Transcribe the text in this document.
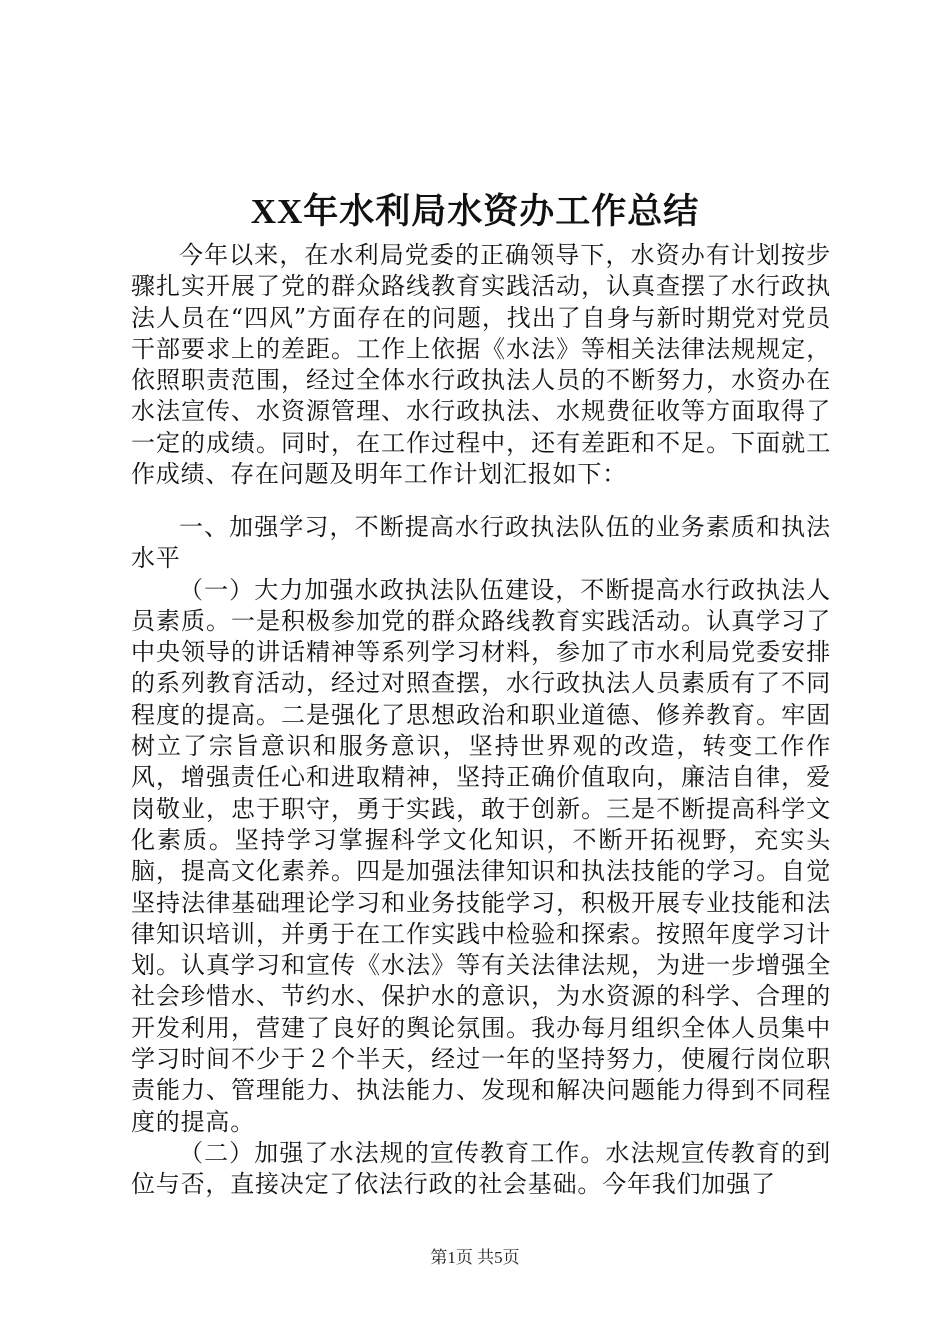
XX年水利局水资办工作总结

今年以来，在水利局党委的正确领导下，水资办有计划按步骤扎实开展了党的群众路线教育实践活动，认真查摆了水行政执法人员在“四风”方面存在的问题，找出了自身与新时期党对党员干部要求上的差距。工作上依据《水法》等相关法律法规规定，依照职责范围，经过全体水行政执法人员的不断努力，水资办在水法宣传、水资源管理、水行政执法、水规费征收等方面取得了一定的成绩。同时，在工作过程中，还有差距和不足。下面就工作成绩、存在问题及明年工作计划汇报如下：

一、加强学习，不断提高水行政执法队伍的业务素质和执法水平

（一）大力加强水政执法队伍建设，不断提高水行政执法人员素质。一是积极参加党的群众路线教育实践活动。认真学习了中央领导的讲话精神等系列学习材料，参加了市水利局党委安排的系列教育活动，经过对照查摆，水行政执法人员素质有了不同程度的提高。二是强化了思想政治和职业道德、修养教育。牢固树立了宗旨意识和服务意识，坚持世界观的改造，转变工作作风，增强责任心和进取精神，坚持正确价值取向，廉洁自律，爱岗敬业，忠于职守，勇于实践，敢于创新。三是不断提高科学文化素质。坚持学习掌握科学文化知识，不断开拓视野，充实头脑，提高文化素养。四是加强法律知识和执法技能的学习。自觉坚持法律基础理论学习和业务技能学习，积极开展专业技能和法律知识培训，并勇于在工作实践中检验和探索。按照年度学习计划。认真学习和宣传《水法》等有关法律法规，为进一步增强全社会珍惜水、节约水、保护水的意识，为水资源的科学、合理的开发利用，营建了良好的舆论氛围。我办每月组织全体人员集中学习时间不少于２个半天，经过一年的坚持努力，使履行岗位职责能力、管理能力、执法能力、发现和解决问题能力得到不同程度的提高。

（二）加强了水法规的宣传教育工作。水法规宣传教育的到位与否，直接决定了依法行政的社会基础。今年我们加强了

第1页 共5页
